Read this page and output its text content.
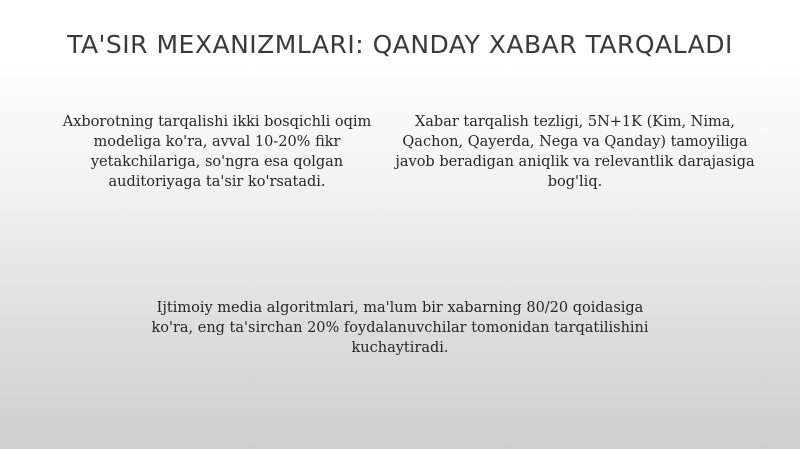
TA'SIR MEXANIZMLARI: QANDAY XABAR TARQALADI
Axborotning tarqalishi ikki bosqichli oqim modeliga ko'ra, avval 10-20% fikr yetakchilariga, so'ngra esa qolgan auditoriyaga ta'sir ko'rsatadi.
Xabar tarqalish tezligi, 5N+1K (Kim, Nima, Qachon, Qayerda, Nega va Qanday) tamoyiliga javob beradigan aniqlik va relevantlik darajasiga bog'liq.
Ijtimoiy media algoritmlari, ma'lum bir xabarning 80/20 qoidasiga ko'ra, eng ta'sirchan 20% foydalanuvchilar tomonidan tarqatilishini kuchaytiradi.
